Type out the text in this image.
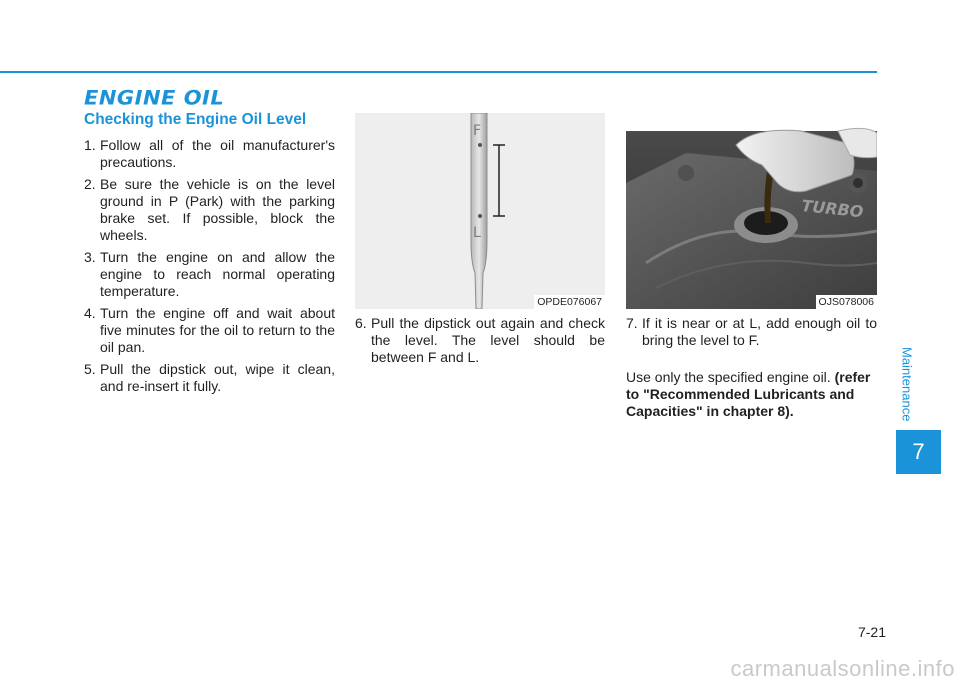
ENGINE OIL
Checking the Engine Oil Level
1. Follow all of the oil manufacturer's precautions.
2. Be sure the vehicle is on the level ground in P (Park) with the parking brake set. If possible, block the wheels.
3. Turn the engine on and allow the engine to reach normal operating temperature.
4. Turn the engine off and wait about five minutes for the oil to return to the oil pan.
5. Pull the dipstick out, wipe it clean, and re-insert it fully.
F
L
OPDE076067

6. Pull the dipstick out again and check the level. The level should be between F and L.

TURBO
OJS078006

7. If it is near or at L, add enough oil to bring the level to F.

Use only the specified engine oil. (refer to "Recommended Lubricants and Capacities" in chapter 8).	Maintenance
7
7-21
carmanualsonline.info
